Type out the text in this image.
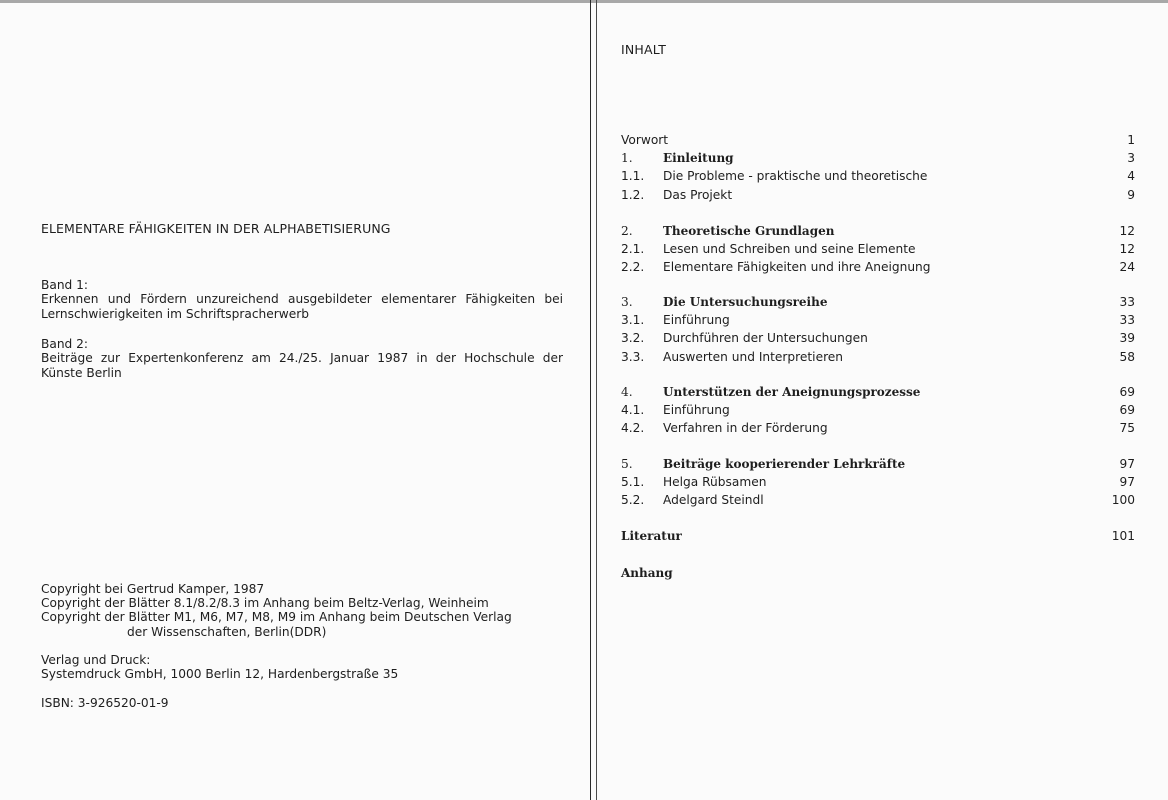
ELEMENTARE FÄHIGKEITEN IN DER ALPHABETISIERUNG
Band 1:
Erkennen und Fördern unzureichend ausgebildeter elementarer Fähigkeiten bei Lernschwierigkeiten im Schriftspracherwerb
Band 2:
Beiträge zur Expertenkonferenz am 24./25. Januar 1987 in der Hochschule der Künste Berlin
Copyright bei Gertrud Kamper, 1987
Copyright der Blätter 8.1/8.2/8.3 im Anhang beim Beltz-Verlag, Weinheim
Copyright der Blätter M1, M6, M7, M8, M9 im Anhang beim Deutschen Verlag
der Wissenschaften, Berlin(DDR)
Verlag und Druck:
Systemdruck GmbH, 1000 Berlin 12, Hardenbergstraße 35
ISBN: 3-926520-01-9
INHALT
Vorwort	1
1.	Einleitung	3
1.1. Die Probleme - praktische und theoretische	4
1.2. Das Projekt	9
2.	Theoretische Grundlagen	12
2.1. Lesen und Schreiben und seine Elemente	12
2.2. Elementare Fähigkeiten und ihre Aneignung	24
3.	Die Untersuchungsreihe	33
3.1. Einführung	33
3.2. Durchführen der Untersuchungen	39
3.3. Auswerten und Interpretieren	58
4.	Unterstützen der Aneignungsprozesse	69
4.1. Einführung	69
4.2. Verfahren in der Förderung	75
5.	Beiträge kooperierender Lehrkräfte	97
5.1. Helga Rübsamen	97
5.2. Adelgard Steindl	100
Literatur	101
Anhang
